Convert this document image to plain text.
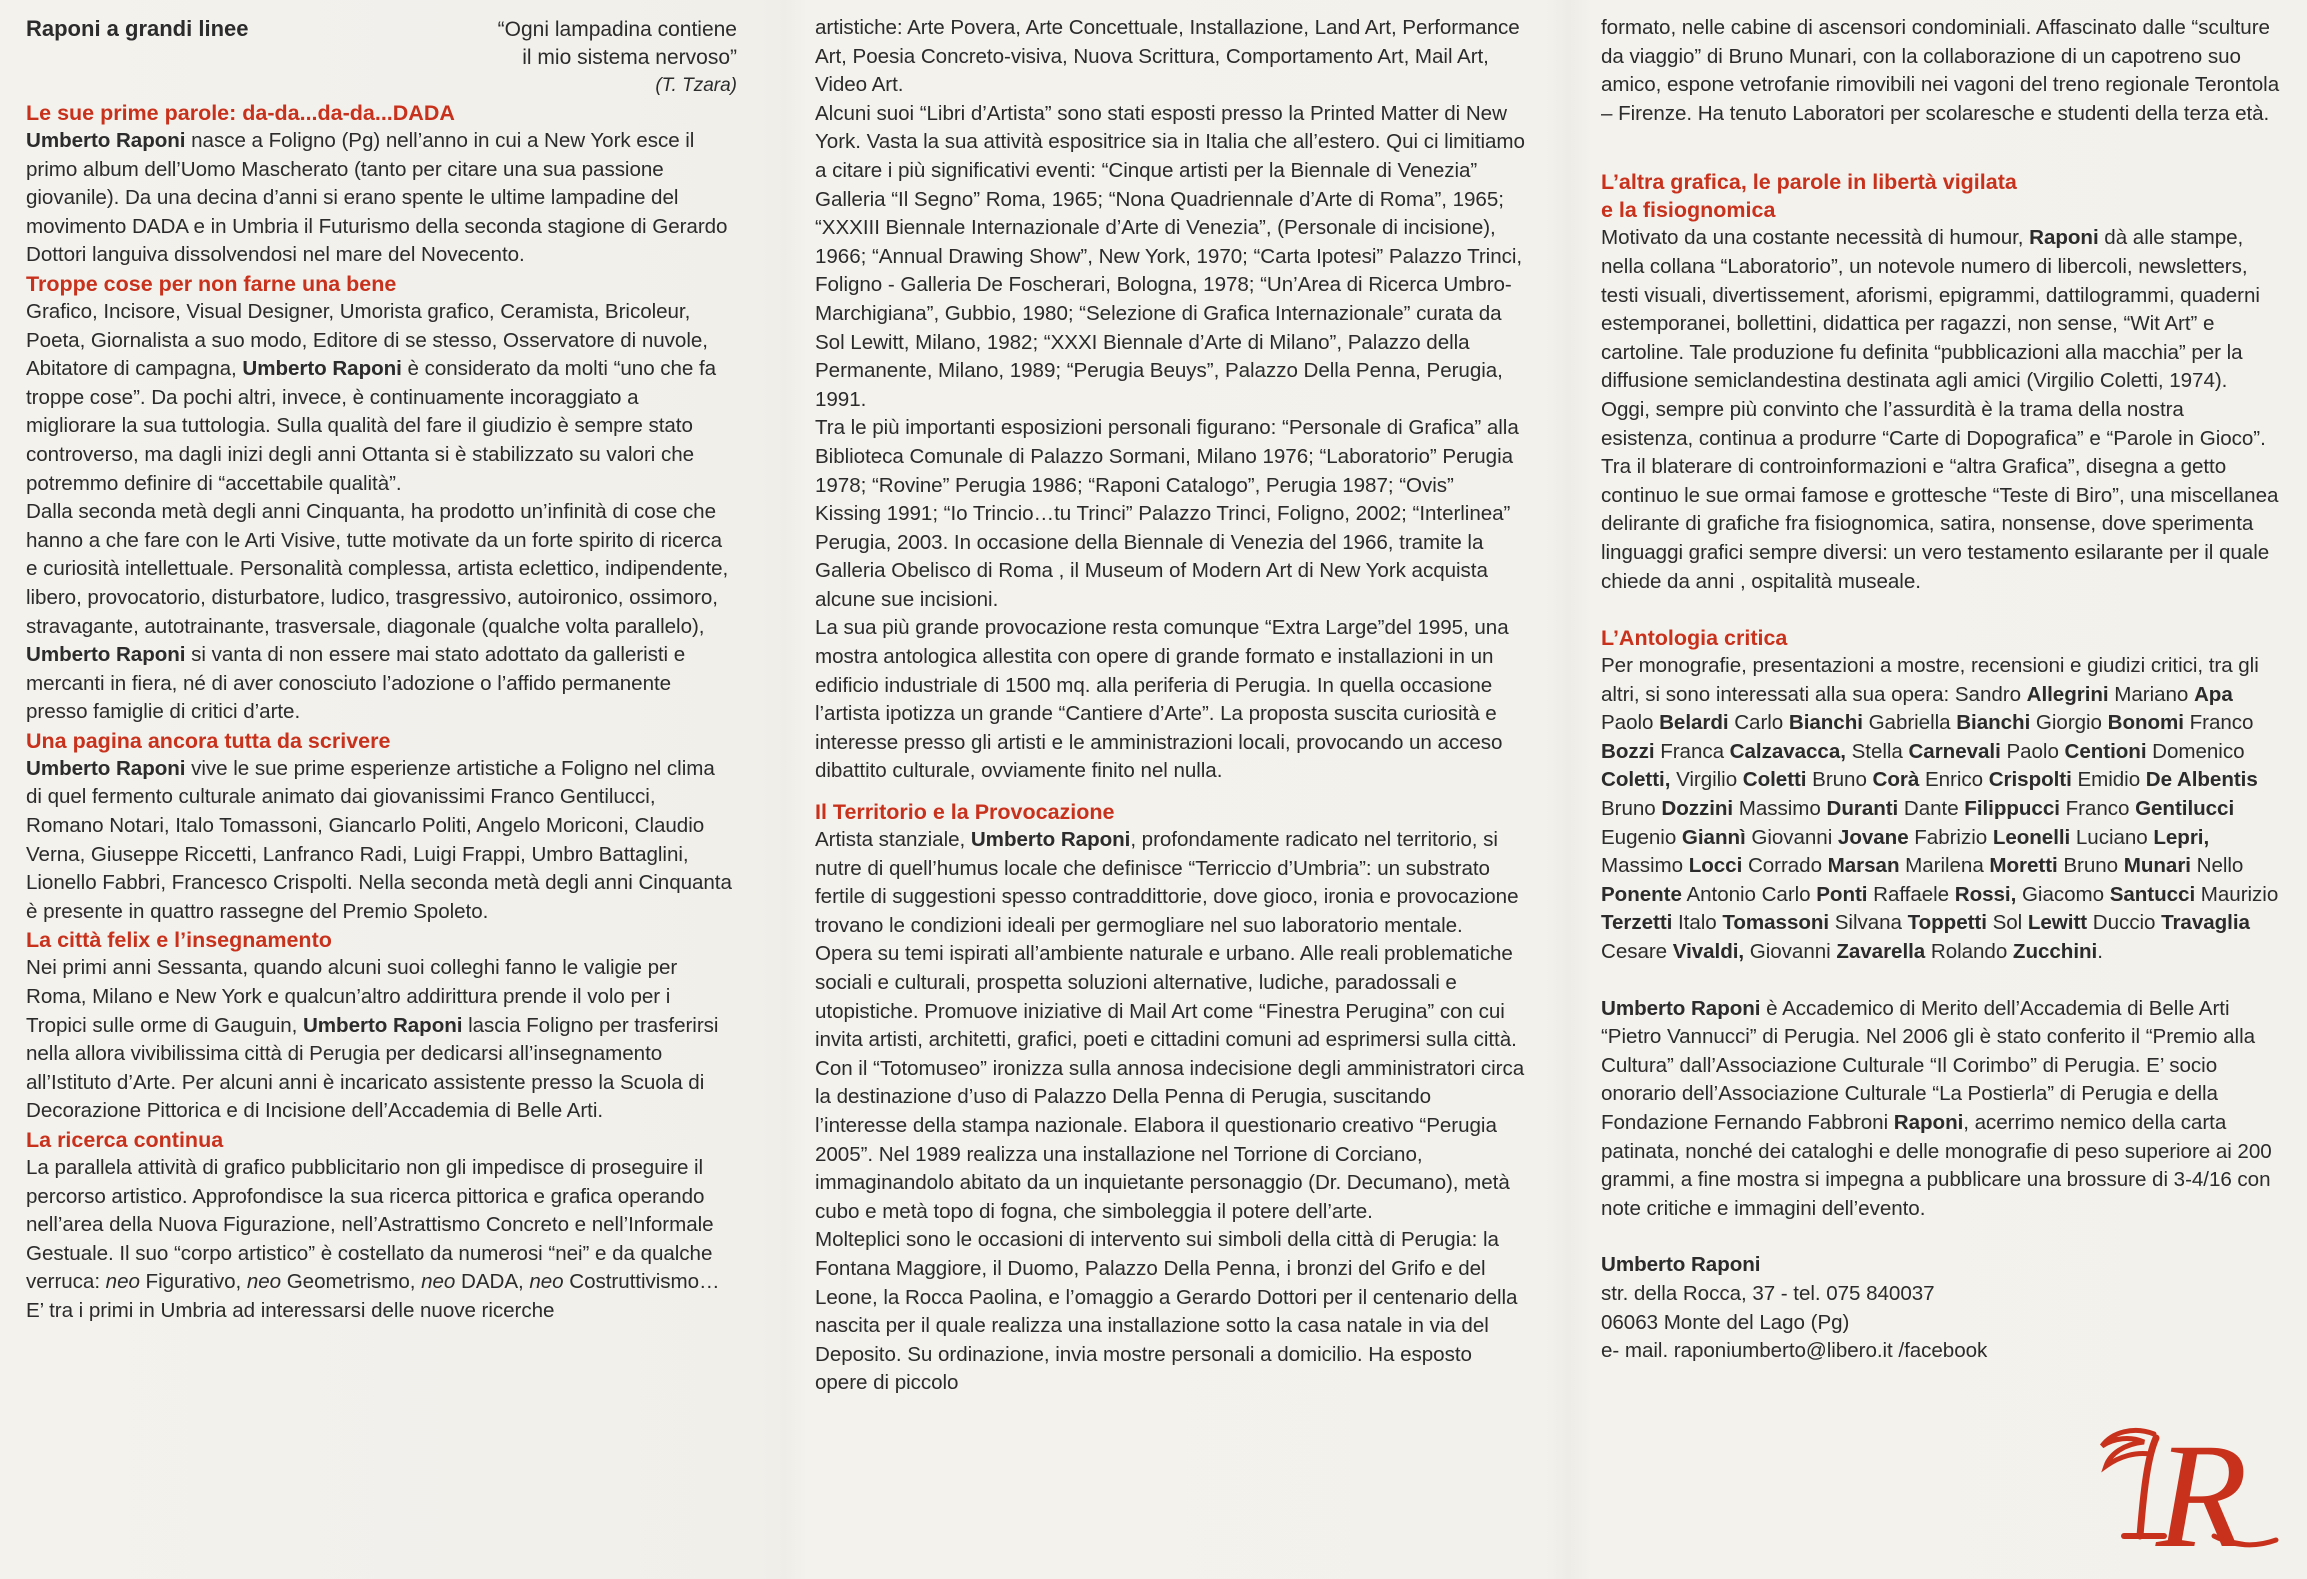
Raponi a grandi linee
Le sue prime parole: da-da...da-da...DADA

Umberto Raponi nasce a Foligno (Pg) nell’anno in cui a New York esce il primo album dell’Uomo Mascherato (tanto per citare una sua passione giovanile). Da una decina d’anni si erano spente le ultime lampadine del movimento DADA e in Umbria il Futurismo della seconda stagione di Gerardo Dottori languiva dissolvendosi nel mare del Novecento.

Troppe cose per non farne una bene

Grafico, Incisore, Visual Designer, Umorista grafico, Ceramista, Bricoleur, Poeta, Giornalista a suo modo, Editore di se stesso, Osservatore di nuvole, Abitatore di campagna, Umberto Raponi è considerato da molti “uno che fa troppe cose”. Da pochi altri, invece, è continuamente incoraggiato a migliorare la sua tuttologia. Sulla qualità del fare il giudizio è sempre stato controverso, ma dagli inizi degli anni Ottanta si è stabilizzato su valori che potremmo definire di “accettabile qualità”.

Dalla seconda metà degli anni Cinquanta, ha prodotto un’infinità di cose che hanno a che fare con le Arti Visive, tutte motivate da un forte spirito di ricerca e curiosità intellettuale. Personalità complessa, artista eclettico, indipendente, libero, provocatorio, disturbatore, ludico, trasgressivo, autoironico, ossimoro, stravagante, autotrainante, trasversale, diagonale (qualche volta parallelo),
Umberto Raponi si vanta di non essere mai stato adottato da galleristi e mercanti in fiera, né di aver conosciuto l’adozione o l’affido permanente presso famiglie di critici d’arte.

Una pagina ancora tutta da scrivere

Umberto Raponi vive le sue prime esperienze artistiche a Foligno nel clima di quel fermento culturale animato dai giovanissimi Franco Gentilucci, Romano Notari, Italo Tomassoni, Giancarlo Politi, Angelo Moriconi, Claudio Verna, Giuseppe Riccetti, Lanfranco Radi, Luigi Frappi, Umbro Battaglini, Lionello Fabbri, Francesco Crispolti. Nella seconda metà degli anni Cinquanta è presente in quattro rassegne del Premio Spoleto.

La città felix e l’insegnamento

Nei primi anni Sessanta, quando alcuni suoi colleghi fanno le valigie per Roma, Milano e New York e qualcun’altro addirittura prende il volo per i Tropici sulle orme di Gauguin, Umberto Raponi lascia Foligno per trasferirsi nella allora vivibilissima città di Perugia per dedicarsi all’insegnamento all’Istituto d’Arte. Per alcuni anni è incaricato assistente presso la Scuola di Decorazione Pittorica e di Incisione dell’Accademia di Belle Arti.

La ricerca continua

La parallela attività di grafico pubblicitario non gli impedisce di proseguire il percorso artistico. Approfondisce la sua ricerca pittorica e grafica operando nell’area della Nuova Figurazione, nell’Astrattismo Concreto e nell’Informale Gestuale. Il suo “corpo artistico” è costellato da numerosi “nei” e da qualche verruca: neo Figurativo, neo Geometrismo, neo DADA, neo Costruttivismo…

E’ tra i primi in Umbria ad interessarsi delle nuove ricerche

“Ogni lampadina contiene
il mio sistema nervoso”
(T. Tzara)

artistiche: Arte Povera, Arte Concettuale, Installazione, Land Art, Performance Art, Poesia Concreto-visiva, Nuova Scrittura, Comportamento Art, Mail Art, Video Art.

Alcuni suoi “Libri d’Artista” sono stati esposti presso la Printed Matter di New York. Vasta la sua attività espositrice sia in Italia che all’estero. Qui ci limitiamo a citare i più significativi eventi: “Cinque artisti per la Biennale di Venezia” Galleria “Il Segno” Roma, 1965; “Nona Quadriennale d’Arte di Roma”, 1965; “XXXIII Biennale Internazionale d’Arte di Venezia”, (Personale di incisione), 1966; “Annual Drawing Show”, New York, 1970; “Carta Ipotesi” Palazzo Trinci, Foligno - Galleria De Foscherari, Bologna, 1978; “Un’Area di Ricerca Umbro-Marchigiana”, Gubbio, 1980; “Selezione di Grafica Internazionale” curata da Sol Lewitt, Milano, 1982; “XXXI Biennale d’Arte di Milano”, Palazzo della Permanente, Milano, 1989; “Perugia Beuys”, Palazzo Della Penna, Perugia, 1991.

Tra le più importanti esposizioni personali figurano: “Personale di Grafica” alla Biblioteca Comunale di Palazzo Sormani, Milano 1976; “Laboratorio” Perugia 1978; “Rovine” Perugia 1986; “Raponi Catalogo”, Perugia 1987; “Ovis” Kissing 1991; “Io Trincio…tu Trinci” Palazzo Trinci, Foligno, 2002; “Interlinea” Perugia, 2003. In occasione della Biennale di Venezia del 1966, tramite la Galleria Obelisco di Roma , il Museum of Modern Art di New York acquista alcune sue incisioni.

La sua più grande provocazione resta comunque “Extra Large”del 1995, una mostra antologica allestita con opere di grande formato e installazioni in un edificio industriale di 1500 mq. alla periferia di Perugia. In quella occasione l’artista ipotizza un grande “Cantiere d’Arte”. La proposta suscita curiosità e interesse presso gli artisti e le amministrazioni locali, provocando un acceso dibattito culturale, ovviamente finito nel nulla.

Il Territorio e la Provocazione

Artista stanziale, Umberto Raponi, profondamente radicato nel territorio, si nutre di quell’humus locale che definisce “Terriccio d’Umbria”: un substrato fertile di suggestioni spesso contraddittorie, dove gioco, ironia e provocazione trovano le condizioni ideali per germogliare nel suo laboratorio mentale. Opera su temi ispirati all’ambiente naturale e urbano. Alle reali problematiche sociali e culturali, prospetta soluzioni alternative, ludiche, paradossali e utopistiche. Promuove iniziative di Mail Art come “Finestra Perugina” con cui invita artisti, architetti, grafici, poeti e cittadini comuni ad esprimersi sulla città. Con il “Totomuseo” ironizza sulla annosa indecisione degli amministratori circa la destinazione d’uso di Palazzo Della Penna di Perugia, suscitando l’interesse della stampa nazionale. Elabora il questionario creativo “Perugia 2005”. Nel 1989 realizza una installazione nel Torrione di Corciano, immaginandolo abitato da un inquietante personaggio (Dr. Decumano), metà cubo e metà topo di fogna, che simboleggia il potere dell’arte.

Molteplici sono le occasioni di intervento sui simboli della città di Perugia: la Fontana Maggiore, il Duomo, Palazzo Della Penna, i bronzi del Grifo e del Leone, la Rocca Paolina, e l’omaggio a Gerardo Dottori per il centenario della nascita per il quale realizza una installazione sotto la casa natale in via del Deposito. Su ordinazione, invia mostre personali a domicilio. Ha esposto opere di piccolo

formato, nelle cabine di ascensori condominiali. Affascinato dalle “sculture da viaggio” di Bruno Munari, con la collaborazione di un capotreno suo amico, espone vetrofanie rimovibili nei vagoni del treno regionale Terontola – Firenze. Ha tenuto Laboratori per scolaresche e studenti della terza età.

L’altra grafica, le parole in libertà vigilata
e la fisiognomica

Motivato da una costante necessità di humour, Raponi dà alle stampe, nella collana “Laboratorio”, un notevole numero di libercoli, newsletters, testi visuali, divertissement, aforismi, epigrammi, dattilogrammi, quaderni estemporanei, bollettini, didattica per ragazzi, non sense, “Wit Art” e cartoline. Tale produzione fu definita “pubblicazioni alla macchia” per la diffusione semiclandestina destinata agli amici (Virgilio Coletti, 1974).

Oggi, sempre più convinto che l’assurdità è la trama della nostra esistenza, continua a produrre “Carte di Dopografica” e “Parole in Gioco”.

Tra il blaterare di controinformazioni e “altra Grafica”, disegna a getto continuo le sue ormai famose e grottesche “Teste di Biro”, una miscellanea delirante di grafiche fra fisiognomica, satira, nonsense, dove sperimenta linguaggi grafici sempre diversi: un vero testamento esilarante per il quale chiede da anni , ospitalità museale.

L’Antologia critica

Per monografie, presentazioni a mostre, recensioni e giudizi critici, tra gli altri, si sono interessati alla sua opera: Sandro Allegrini Mariano Apa Paolo Belardi Carlo Bianchi Gabriella Bianchi Giorgio Bonomi Franco Bozzi Franca Calzavacca, Stella Carnevali Paolo Centioni Domenico Coletti, Virgilio Coletti Bruno Corà Enrico Crispolti Emidio De Albentis Bruno Dozzini Massimo Duranti Dante Filippucci Franco Gentilucci Eugenio Giannì Giovanni Jovane Fabrizio Leonelli Luciano Lepri, Massimo Locci Corrado Marsan Marilena Moretti Bruno Munari Nello Ponente Antonio Carlo Ponti Raffaele Rossi, Giacomo Santucci Maurizio Terzetti Italo Tomassoni Silvana Toppetti Sol Lewitt Duccio Travaglia Cesare Vivaldi, Giovanni Zavarella Rolando Zucchini.

Umberto Raponi è Accademico di Merito dell’Accademia di Belle Arti “Pietro Vannucci” di Perugia. Nel 2006 gli è stato conferito il “Premio alla Cultura” dall’Associazione Culturale “Il Corimbo” di Perugia. E’ socio onorario dell’Associazione Culturale “La Postierla” di Perugia e della Fondazione Fernando Fabbroni Raponi, acerrimo nemico della carta patinata, nonché dei cataloghi e delle monografie di peso superiore ai 200 grammi, a fine mostra si impegna a pubblicare una brossure di 3-4/16 con note critiche e immagini dell’evento.

Umberto Raponi

str. della Rocca, 37 - tel. 075 840037

06063 Monte del Lago (Pg)

e- mail. raponiumberto@libero.it /facebook

R
